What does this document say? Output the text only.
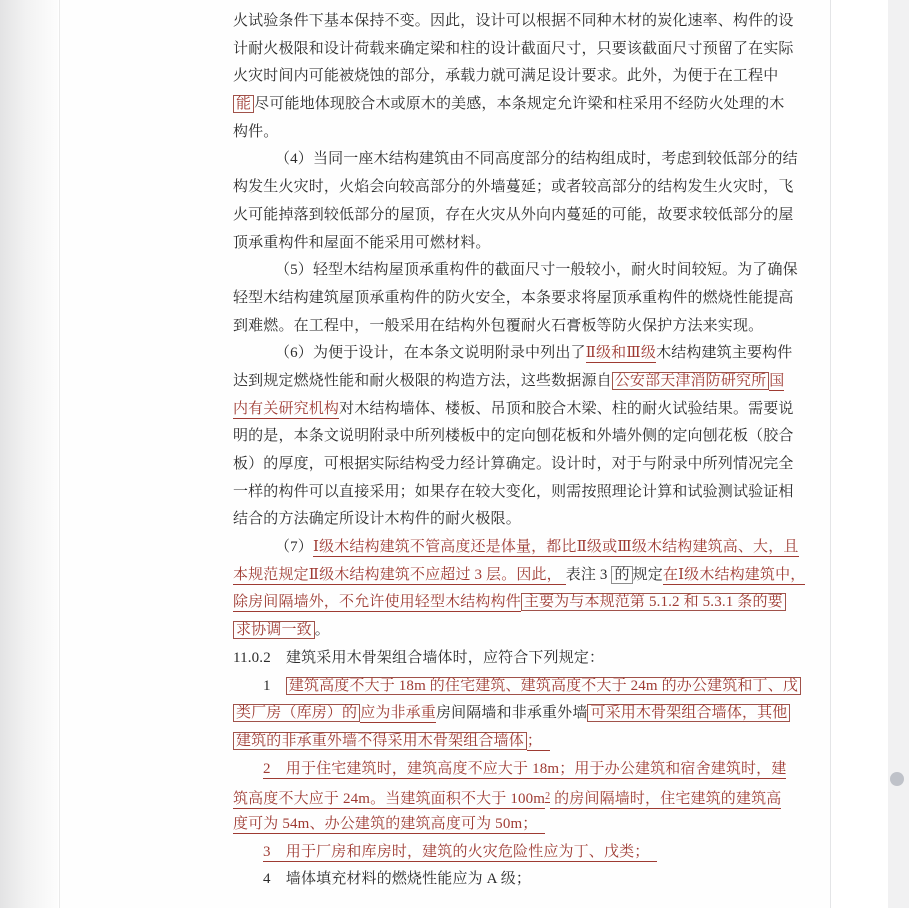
火试验条件下基本保持不变。因此，设计可以根据不同种木材的炭化速率、构件的设
计耐火极限和设计荷载来确定梁和柱的设计截面尺寸，只要该截面尺寸预留了在实际
火灾时间内可能被烧蚀的部分，承载力就可满足设计要求。此外，为便于在工程中
能 尽可能地体现胶合木或原木的美感，本条规定允许梁和柱采用不经防火处理的木
构件。
（4）当同一座木结构建筑由不同高度部分的结构组成时，考虑到较低部分的结
构发生火灾时，火焰会向较高部分的外墙蔓延；或者较高部分的结构发生火灾时，飞
火可能掉落到较低部分的屋顶，存在火灾从外向内蔓延的可能，故要求较低部分的屋
顶承重构件和屋面不能采用可燃材料。
（5）轻型木结构屋顶承重构件的截面尺寸一般较小，耐火时间较短。为了确保
轻型木结构建筑屋顶承重构件的防火安全，本条要求将屋顶承重构件的燃烧性能提高
到难燃。在工程中，一般采用在结构外包覆耐火石膏板等防火保护方法来实现。
（6）为便于设计，在本条文说明附录中列出了Ⅱ级和Ⅲ级木结构建筑主要构件
达到规定燃烧性能和耐火极限的构造方法，这些数据源自 公安部天津消防研究所 国
内有关研究机构对木结构墙体、楼板、吊顶和胶合木梁、柱的耐火试验结果。需要说
明的是，本条文说明附录中所列楼板中的定向刨花板和外墙外侧的定向刨花板（胶合
板）的厚度，可根据实际结构受力经计算确定。设计时，对于与附录中所列情况完全
一样的构件可以直接采用；如果存在较大变化，则需按照理论计算和试验测试验证相
结合的方法确定所设计木构件的耐火极限。
（7）Ⅰ级木结构建筑不管高度还是体量，都比Ⅱ级或Ⅲ级木结构建筑高、大，且
本规范规定Ⅱ级木结构建筑不应超过 3 层。因此， 表注 3 的 规定在Ⅰ级木结构建筑中，
除房间隔墙外，不允许使用轻型木结构构件 主要为与本规范第 5.1.2 和 5.3.1 条的要
求协调一致 。
11.0.2　建筑采用木骨架组合墙体时，应符合下列规定：
1　建筑高度不大于 18m 的住宅建筑、建筑高度不大于 24m 的办公建筑和丁、戊
类厂房（库房）的 应为非承重房间隔墙和非承重外墙 可采用木骨架组合墙体，其他
建筑的非承重外墙不得采用木骨架组合墙体 ；　
2　用于住宅建筑时，建筑高度不应大于 18m；用于办公建筑和宿舍建筑时，建
筑高度不大应于 24m。当建筑面积不大于 $100m^2$ 的房间隔墙时，住宅建筑的建筑高
度可为 54m、办公建筑的建筑高度可为 50m；　
3　用于厂房和库房时，建筑的火灾危险性应为丁、戊类；　
4　墙体填充材料的燃烧性能应为 A 级；
